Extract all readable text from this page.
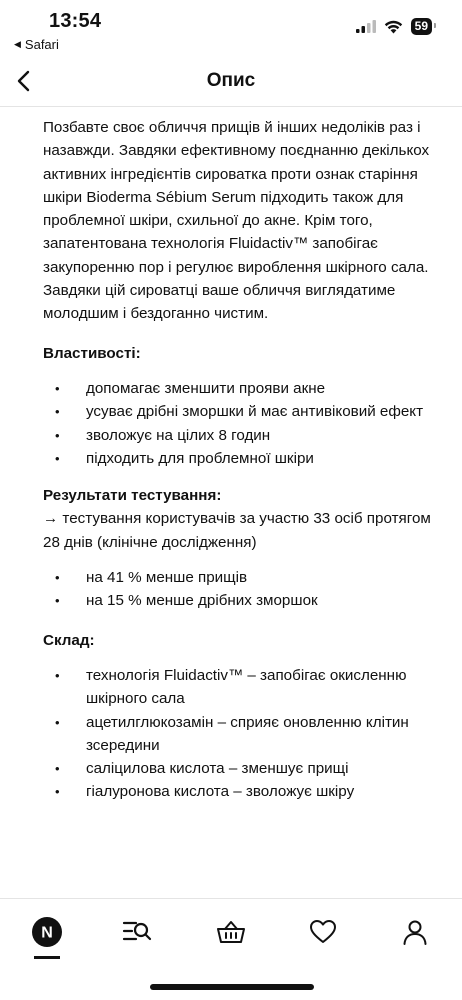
13:54
◀ Safari
59
Опис

Позбавте своє обличчя прищів й інших недоліків раз і назавжди. Завдяки ефективному поєднанню декількох активних інгредієнтів сироватка проти ознак старіння шкіри Bioderma Sébium Serum підходить також для проблемної шкіри, схильної до акне. Крім того, запатентована технологія Fluidactiv™ запобігає закупоренню пор і регулює вироблення шкірного сала. Завдяки цій сироватці ваше обличчя виглядатиме молодшим і бездоганно чистим.

Властивості:
• допомагає зменшити прояви акне
• усуває дрібні зморшки й має антивіковий ефект
• зволожує на цілих 8 годин
• підходить для проблемної шкіри
Результати тестування:

→ тестування користувачів за участю 33 осіб протягом 28 днів (клінічне дослідження)

• на 41 % менше прищів
• на 15 % менше дрібних зморшок
Склад:
• технологія Fluidactiv™ – запобігає окисленню шкірного сала
• ацетилглюкозамін – сприяє оновленню клітин зсередини
• саліцилова кислота – зменшує прищі
• гіалуронова кислота – зволожує шкіру
N
